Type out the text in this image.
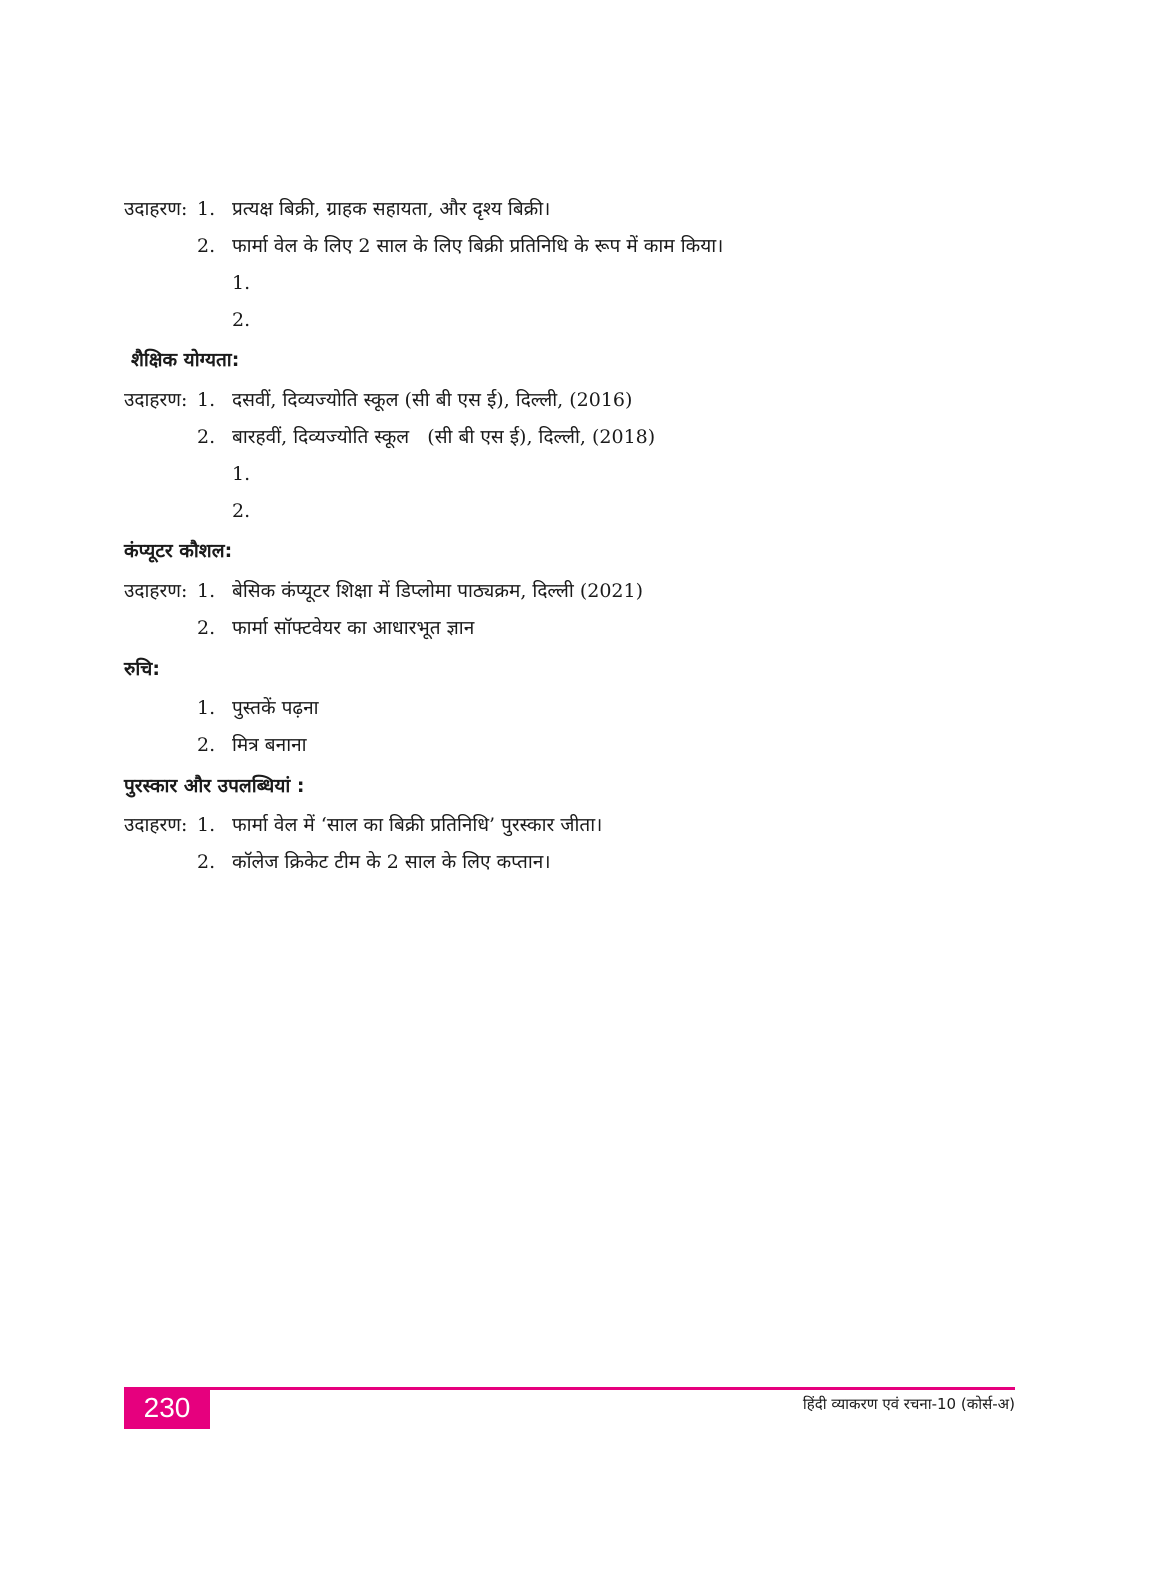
उदाहरण: 1. प्रत्यक्ष बिक्री, ग्राहक सहायता, और दृश्य बिक्री।
2. फार्मा वेल के लिए 2 साल के लिए बिक्री प्रतिनिधि के रूप में काम किया।
1.
2.
शैक्षिक योग्यता:
उदाहरण: 1. दसवीं, दिव्यज्योति स्कूल (सी बी एस ई), दिल्ली, (2016)
2. बारहवीं, दिव्यज्योति स्कूल   (सी बी एस ई), दिल्ली, (2018)
1.
2.
कंप्यूटर कौशल:
उदाहरण: 1. बेसिक कंप्यूटर शिक्षा में डिप्लोमा पाठ्यक्रम, दिल्ली (2021)
2. फार्मा सॉफ्टवेयर का आधारभूत ज्ञान
रुचि:
1. पुस्तकें पढ़ना
2. मित्र बनाना
पुरस्कार और उपलब्धियां :
उदाहरण: 1. फार्मा वेल में ‘साल का बिक्री प्रतिनिधि’ पुरस्कार जीता।
2. कॉलेज क्रिकेट टीम के 2 साल के लिए कप्तान।
230	हिंदी व्याकरण एवं रचना-10 (कोर्स-अ)
